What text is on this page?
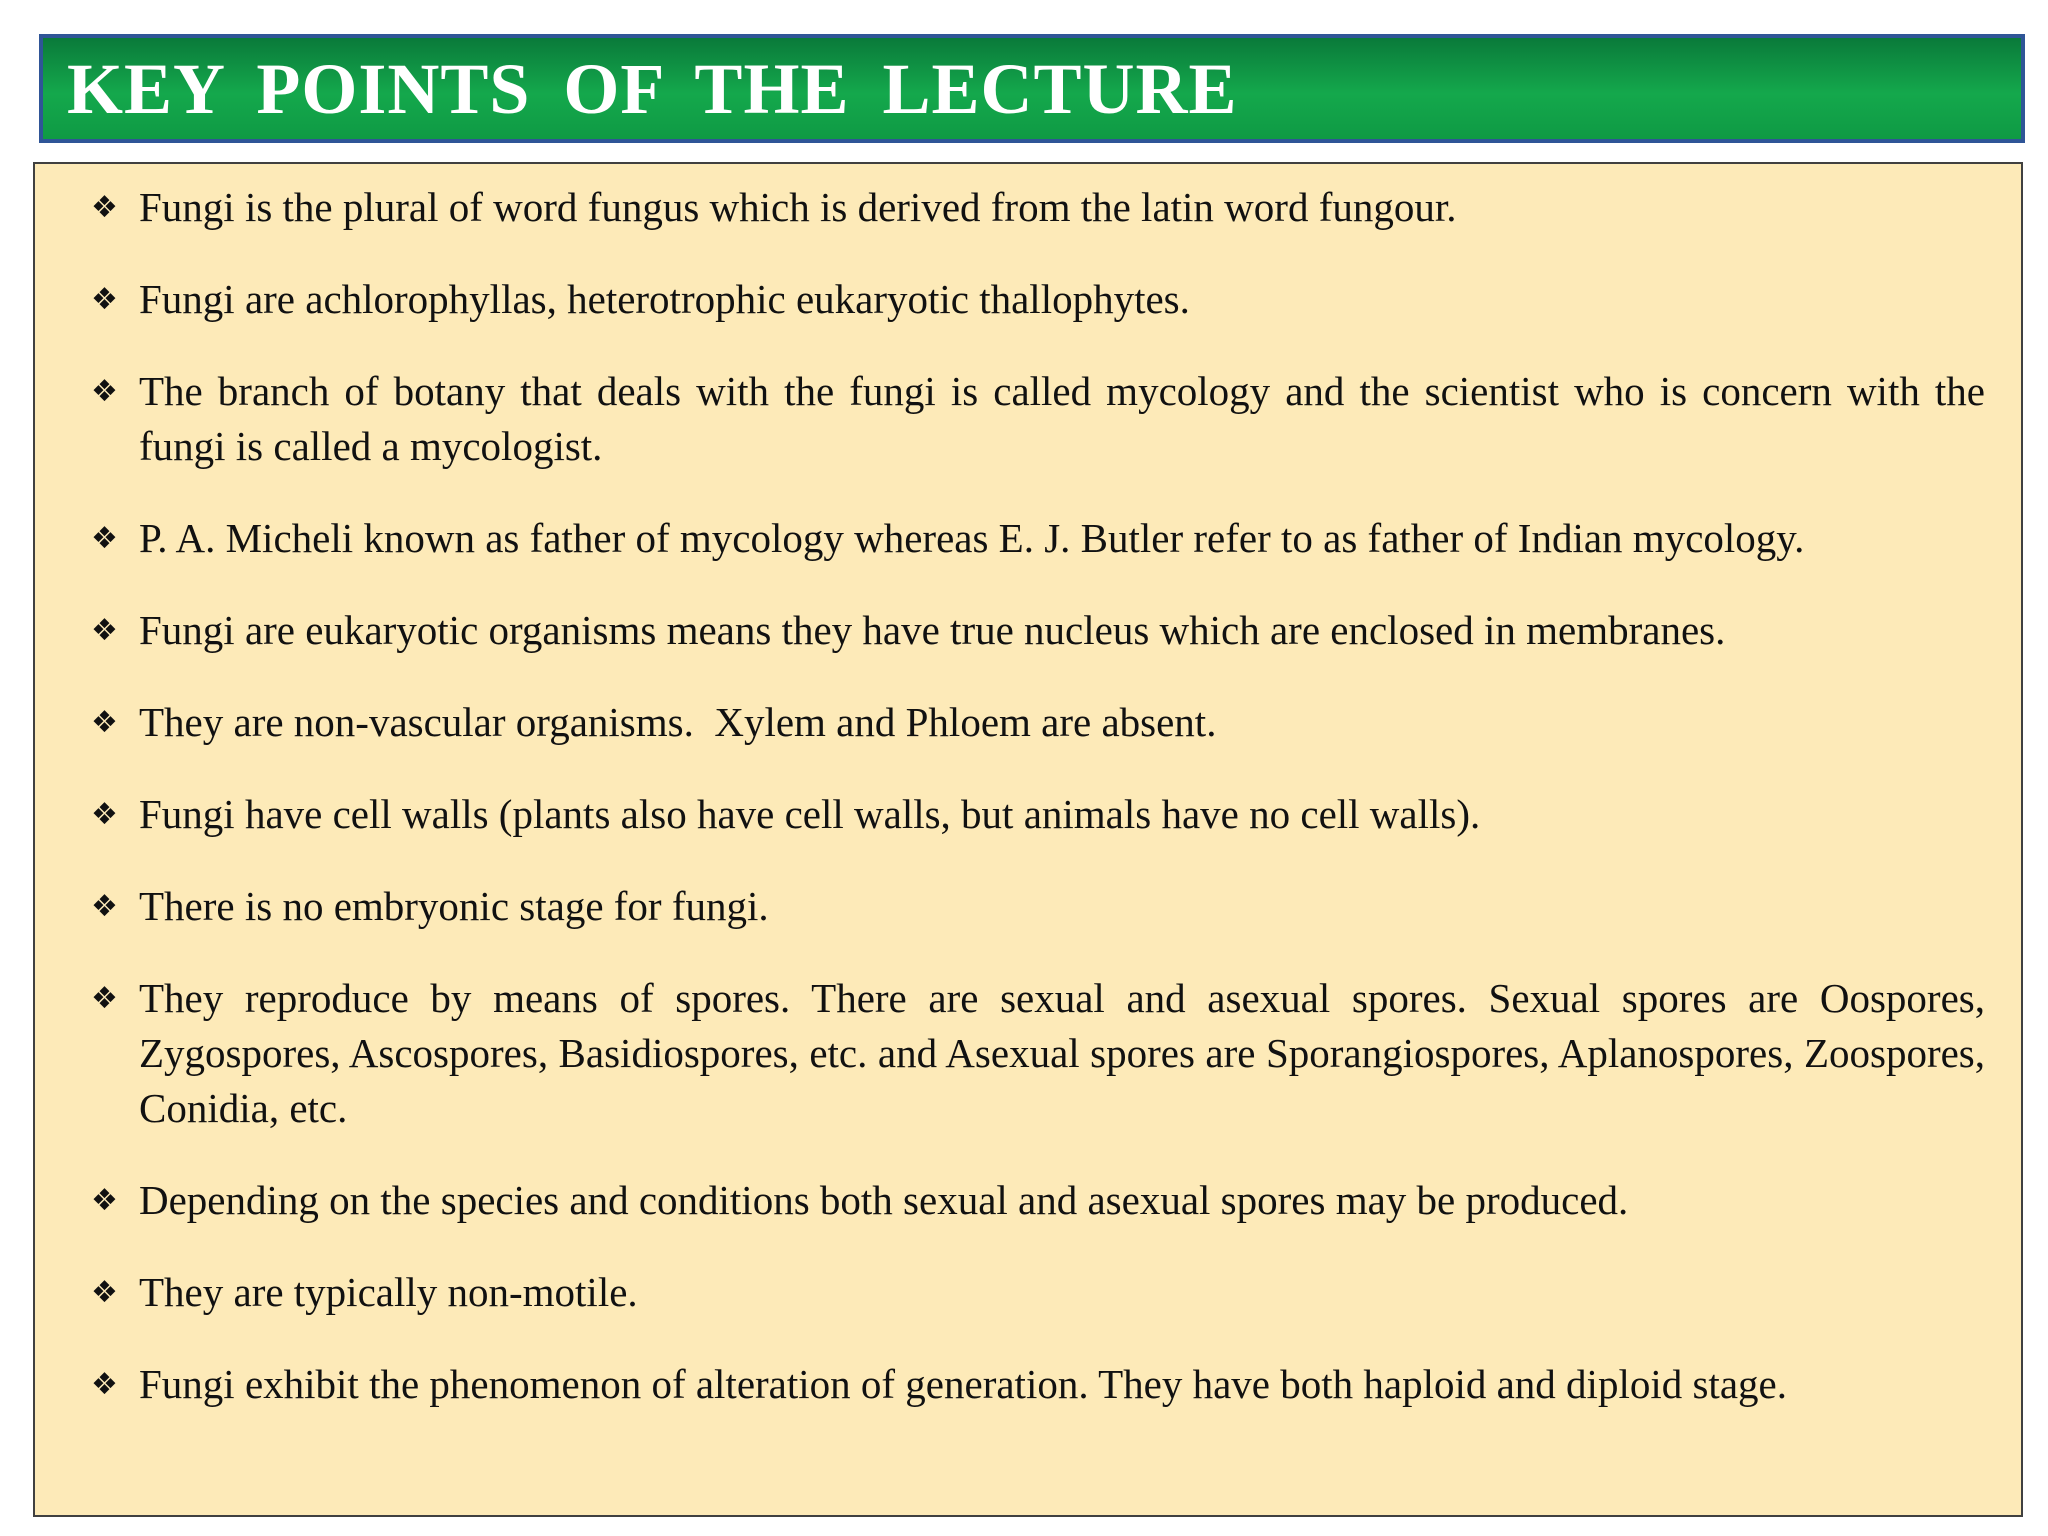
KEY POINTS OF THE LECTURE
❖ Fungi is the plural of word fungus which is derived from the latin word fungour.
❖ Fungi are achlorophyllas, heterotrophic eukaryotic thallophytes.
❖ The branch of botany that deals with the fungi is called mycology and the scientist who is concern with the fungi is called a mycologist.
❖ P. A. Micheli known as father of mycology whereas E. J. Butler refer to as father of Indian mycology.
❖ Fungi are eukaryotic organisms means they have true nucleus which are enclosed in membranes.
❖ They are non-vascular organisms.  Xylem and Phloem are absent.
❖ Fungi have cell walls (plants also have cell walls, but animals have no cell walls).
❖ There is no embryonic stage for fungi.
❖ They reproduce by means of spores. There are sexual and asexual spores. Sexual spores are Oospores, Zygospores, Ascospores, Basidiospores, etc. and Asexual spores are Sporangiospores, Aplanospores, Zoospores, Conidia, etc.
❖ Depending on the species and conditions both sexual and asexual spores may be produced.
❖ They are typically non-motile.
❖ Fungi exhibit the phenomenon of alteration of generation. They have both haploid and diploid stage.
